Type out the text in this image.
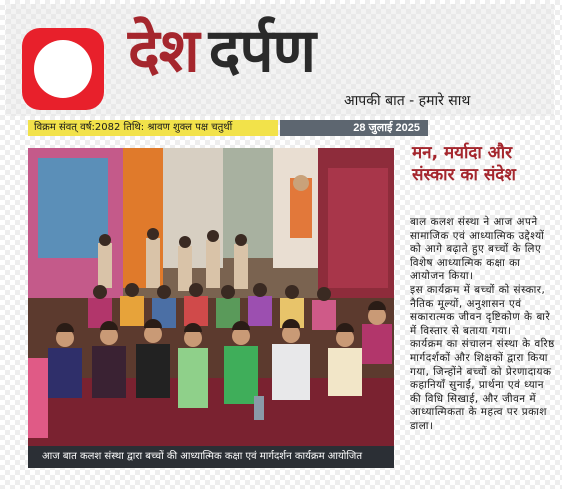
देश दर्पण
आपकी बात - हमारे साथ
विक्रम संवत् वर्ष:2082 तिथि: श्रावण शुक्ल पक्ष चतुर्थी	28 जुलाई 2025
आज बात कलश संस्था द्वारा बच्चों की आध्यात्मिक कक्षा एवं मार्गदर्शन कार्यक्रम आयोजित
मन, मर्यादा और संस्कार का संदेश

बाल कलश संस्था ने आज अपने सामाजिक एवं आध्यात्मिक उद्देश्यों को आगे बढ़ाते हुए बच्चों के लिए विशेष आध्यात्मिक कक्षा का आयोजन किया।

इस कार्यक्रम में बच्चों को संस्कार, नैतिक मूल्यों, अनुशासन एवं सकारात्मक जीवन दृष्टिकोण के बारे में विस्तार से बताया गया।

कार्यक्रम का संचालन संस्था के वरिष्ठ मार्गदर्शकों और शिक्षकों द्वारा किया गया, जिन्होंने बच्चों को प्रेरणादायक कहानियाँ सुनाईं, प्रार्थना एवं ध्यान की विधि सिखाई, और जीवन में आध्यात्मिकता के महत्व पर प्रकाश डाला।
